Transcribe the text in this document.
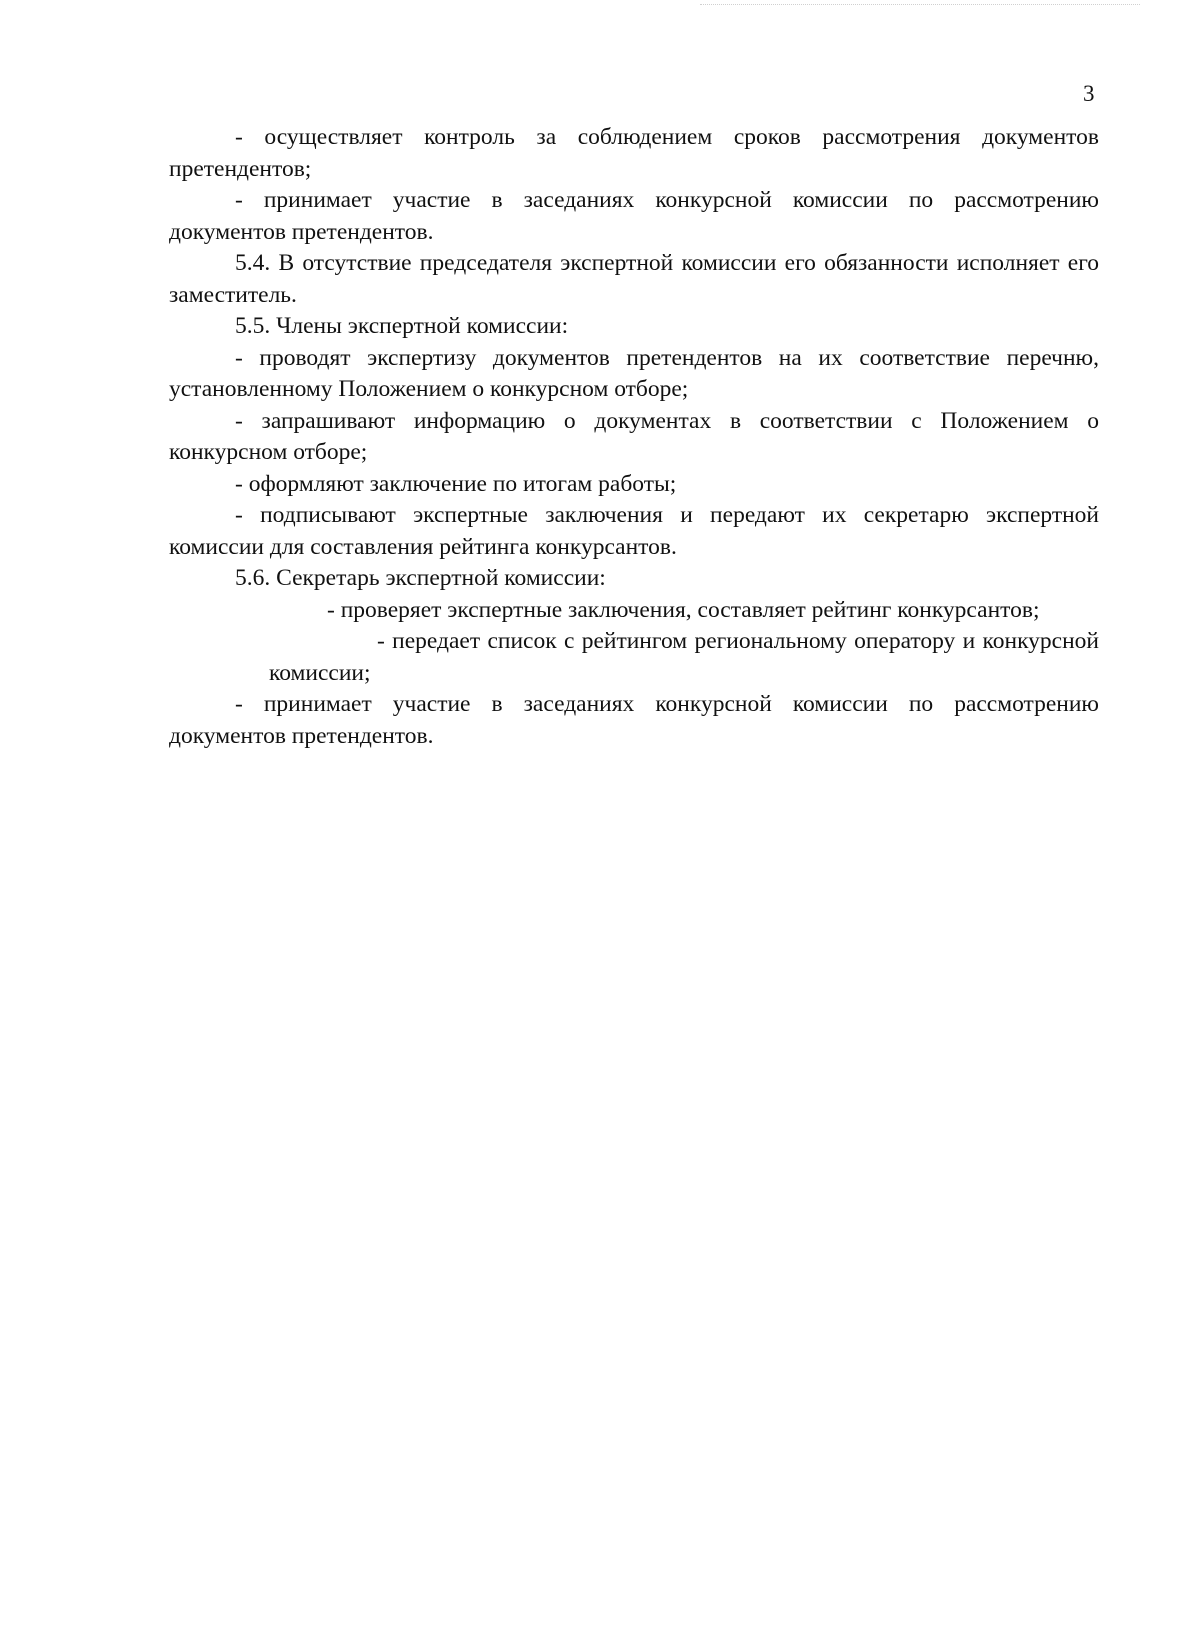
3

- осуществляет контроль за соблюдением сроков рассмотрения документов претендентов;

- принимает участие в заседаниях конкурсной комиссии по рассмотрению документов претендентов.

5.4. В отсутствие председателя экспертной комиссии его обязанности исполняет его заместитель.

5.5. Члены экспертной комиссии:

- проводят экспертизу документов претендентов на их соответствие перечню, установленному Положением о конкурсном отборе;

- запрашивают информацию о документах в соответствии с Положением о конкурсном отборе;

- оформляют заключение по итогам работы;

- подписывают экспертные заключения и передают их секретарю экспертной комиссии для составления рейтинга конкурсантов.

5.6. Секретарь экспертной комиссии:

- проверяет экспертные заключения, составляет рейтинг конкурсантов;

- передает список с рейтингом региональному оператору и конкурсной комиссии;

- принимает участие в заседаниях конкурсной комиссии по рассмотрению документов претендентов.
